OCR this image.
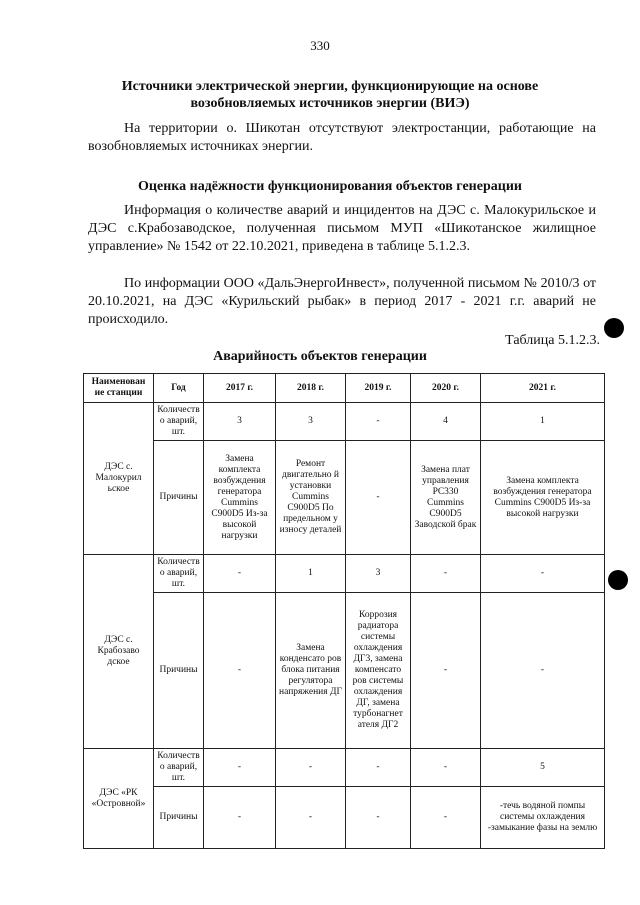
330
Источники электрической энергии, функционирующие на основе
возобновляемых источников энергии (ВИЭ)
На территории о. Шикотан отсутствуют электростанции, работающие на возобновляемых источниках энергии.
Оценка надёжности функционирования объектов генерации
Информация о количестве аварий и инцидентов на ДЭС с. Малокурильское и ДЭС с.Крабозаводское, полученная письмом МУП «Шикотанское жилищное управление» № 1542 от 22.10.2021, приведена в таблице 5.1.2.3.
По информации ООО «ДальЭнергоИнвест», полученной письмом № 2010/3 от 20.10.2021, на ДЭС «Курильский рыбак» в период 2017 - 2021 г.г. аварий не происходило.
Таблица 5.1.2.3.
Аварийность объектов генерации
Наименован ие станции	Год	2017 г.	2018 г.	2019 г.	2020 г.	2021 г.
ДЭС с. Малокурил ьское	Количеств о аварий, шт.	3	3	-	4	1
	Причины	Замена комплекта возбуждения генератора Cummins C900D5 Из-за высокой нагрузки	Ремонт двигательно й установки Cummins C900D5 По предельном у износу деталей	-	Замена плат управления PC330 Cummins C900D5 Заводской брак	Замена комплекта возбуждения генератора Cummins C900D5 Из-за высокой нагрузки
ДЭС с. Крабозаво дское	Количеств о аварий, шт.	-	1	3	-	-
	Причины	-	Замена конденсато ров блока питания регулятора напряжения ДГ	Коррозия радиатора системы охлаждения ДГ3, замена компенсато ров системы охлаждения ДГ, замена турбонагнет ателя ДГ2	-	-
ДЭС «РК «Островной»	Количеств о аварий, шт.	-	-	-	-	5
	Причины	-	-	-	-	-течь водяной помпы системы охлаждения -замыкание фазы на землю
